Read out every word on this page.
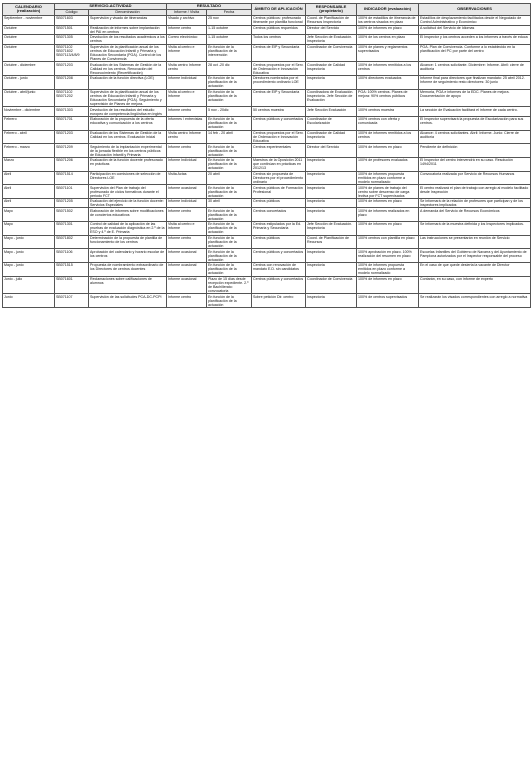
CALENDARIO (realización)	SERVICIO-ACTIVIDAD		RESULTADO		ÁMBITO DE APLICACIÓN	RESPONSABLE (propietario)	INDICADOR (evaluación)	OBSERVACIONES
	Código	Denominación	Informe / Visita	Fecha				
Septiembre - noviembre	SB071603	Supervisión y visado de itinerancias	Visado y archivo	25 nov	Centros públicos: profesorado itinerante por plantilla funcional	Coord. de Planificación de Recursos Inspectoría	100% de estadillos de itinerancia de los centros visados en plazo	Estadillos de desplazamiento facilitados desde el Negociado de Control Administrativo y Económico
Octubre	SB071501	Realización de informes sobre implantación del PAI en centros	Informe centro	1-15 octubre	Centros públicos requeridos	Director del Servicio	100% de informes en plazo	A solicitud del Servicio de Idiomas
Octubre	SB071305	Devolución de los resultados académicos a los centros	Correo electrónico	1-15 octubre	Todos los centros	Jefe Sección de Evaluación. Inspectoría	100% de los centros en plazo	El Inspector y los centros acceden a los informes a través de educa
Octubre	SB071102 SB071602 SB07113/4/8/9	Supervisión de la planificación anual de los centros de Educación Infantil y Primaria y Educación Secundaria (PGA). Control de los Planes de Convivencia	Visita al centro e informe	En función de la planificación de la intervención	Centros de EIP y Secundaria	Coordinador de Convivencia	100% de planes y reglamentos supervisados	PGA. Plan de Convivencia. Conforme a lo establecido en la planificación del PC por parte del centro
Octubre - diciembre	SB071203	Evaluación de los Sistemas de Gestión de la Calidad en los centros. Renovación del Reconocimiento (Recertificación)	Visita centro Informe centro	28 oct -20 dic	Centros propuestos por el Serv. de Ordenación e Innovación Educativa	Coordinador de Calidad Inspectoría	100% de informes remitidos a los centros	Alcance: 1 centros solicitante. Diciembre: Informe. Abril: cierre de auditoría
Octubre - junio	SB071208	Evaluación de la función directiva (LOE)	Informe Individual	En función de la planificación de la actuación	Directores nombrados por el procedimiento ordinario LOE	Inspectoría	100% directores evaluados	Informe final para directores que finalizan mandato: 25 abril 2012. Informe de seguimiento resto directores: 30 junio
Octubre - abril/junio	SB071102 SB071202	Supervisión de la planificación anual de los centros de Educación Infantil y Primaria y Educación Secundaria (PGA). Seguimiento y supervisión de Planes de mejora.	Visita al centro e informe	En función de la planificación de la actuación	Centros de EIP y Secundaria	Coordinadora de Evaluación. Inspectoría. Jefe Sección de Evaluación	PGA: 100% centros. Planes de mejora: 90% centros públicos	Memoria, PGA e informes de la EDC. Planes de mejora. Documentación de apoyo
Noviembre - diciembre	SB071303	Devolución de los resultados del estudio europeo de competencia lingüística en inglés	Informe centro	5 nov - 20dic	50 centros muestra	Jefe Sección Evaluación	100% centros muestra	La sección de Evaluación facilitará el informe de cada centro.
Febrero	SB071701	Elaboración de la propuesta de la oferta educativa y comunicación a los centros	Informes / entrevistas	En función de la planificación de la actuación	Centros públicos y concertados	Coordinador de Escolarización	100% centros con oferta y comunicada	El Inspector supervisará la propuesta de Escolarización para sus centros.
Febrero - abril	SB071203	Evaluación de los Sistemas de Gestión de la Calidad en los centros. Evaluación inicial	Visita centro Informe centro	14 feb - 20 abril	Centros propuestos por el Serv. de Ordenación e Innovación Educativa	Coordinador de Calidad Inspectoría	100% de informes remitidos a los centros	Alcance: 4 centros solicitantes. Abril: Informe. Junio: Cierre de auditoría
Febrero - marzo	SB071209	Seguimiento de la implantación experimental de la jornada flexible en los centros públicos de Educación Infantil y Primaria	Informe centro	En función de la planificación de la actuación	Centros experimentales	Director del Servicio	100% de informes en plazo	Pendiente de definición
Marzo	SB071206	Evaluación de la función docente profesorado en prácticas	Informe Individual	En función de la planificación de la actuación	Maestros de la Oposición 2011 que continúan en prácticas en 2012/13	Inspectoría	100% de profesores evaluados	El Inspector del centro intervendrá en su caso. Resolución 1494/2011
Abril	SB071514	Participación en comisiones de selección de Directores LOE	Visita Actas	20 abril	Centros sin propuesta de Directores por el procedimiento ordinario	Inspectoría	100% de informes propuesta emitidos en plazo conforme a modelo normalizado	Convocatoria realizada por Servicio de Recursos Humanos
Abril	SB071101	Supervisión del Plan de trabajo del profesorado de ciclos formativos durante el periodo FCT	Informe ocasional	En función de la planificación de la actuación	Centros públicos de Formación Profesional	Inspectoría	100% de planes de trabajo del centro sobre descenso de carga lectiva por FCT supervisados	El centro realizará el plan de trabajo con arreglo al modelo facilitado desde Inspección
Abril	SB071205	Evaluación del ejercicio de la función docente: Servicios Especiales	Informe Individual	30 abril	Centros públicos	Inspectoría	100% de informes en plazo	Se informará de la relación de profesores que participan y de los inspectores implicados
Mayo	SB071502	Elaboración de informes sobre modificaciones de conciertos educativos	Informe centro	En función de la planificación de la actuación	Centros concertados	Inspectoría	100% de informes realizados en plazo	A demanda del Servicio de Recursos Económicos
Mayo	SB071301	Control de calidad de la aplicación de las pruebas de evaluación diagnóstica en 2.º de la ESO y 4.º de E. Primaria	Visita al centro e informe	En función de la planificación de la actuación	Centros estipulados por la Ed. Primaria y Secundaria	Jefe Sección de Evaluación. Inspectoría	100% de informes en plazo	Se informará de la muestra definida y los Inspectores implicados.
Mayo - junio	SB071802	Determinación de la propuesta de plantilla de funcionamiento de los centros	Informe centro	En función de la planificación de la actuación	Centros públicos	Coord. de Planificación de Recursos	100% centros con plantilla en plazo	Las instrucciones se presentarán en reunión de Servicio
Mayo - junio	SB071106	Aprobación del calendario y horario escolar de los centros	Informe ocasional	En función de la planificación de la actuación	Centros públicos y concertados	Inspectoría	100% aprobación en plazo. 100% realización del resumen en plazo	Escuelas Infantiles del Gobierno de Navarra y del Ayuntamiento de Pamplona autorizados por el Inspector responsable del proceso
Mayo - junio	SB071515	Propuesta de nombramiento extraordinario de los Directores de centros docentes	Informe ocasional	En función de la planificación de la actuación	Centros con renovación de mandato E.D. sin candidatos	Inspectoría	100% de informes propuesta emitidos en plazo conforme a modelo normalizado	En el caso de que quede desierta la vacante de Director
Junio - julio	SB071601	Reclamaciones sobre calificaciones de alumnos	Informe ocasional	Plazo de 15 días desde recepción expediente. 2.º de Bachillerato: convocatoria	Centros públicos y concertados	Coordinador de Convivencia	100% de informes en plazo	Contarán, en su caso, con informe de experto
Junio	SB071107	Supervisión de las solicitudes PCA-DC-PCPI	Informe centro	En función de la planificación de la actuación	Sobre petición Dir. centro	Inspectoría	100% de centros supervisados	Se realizarán los visados correspondientes con arreglo a normativa
